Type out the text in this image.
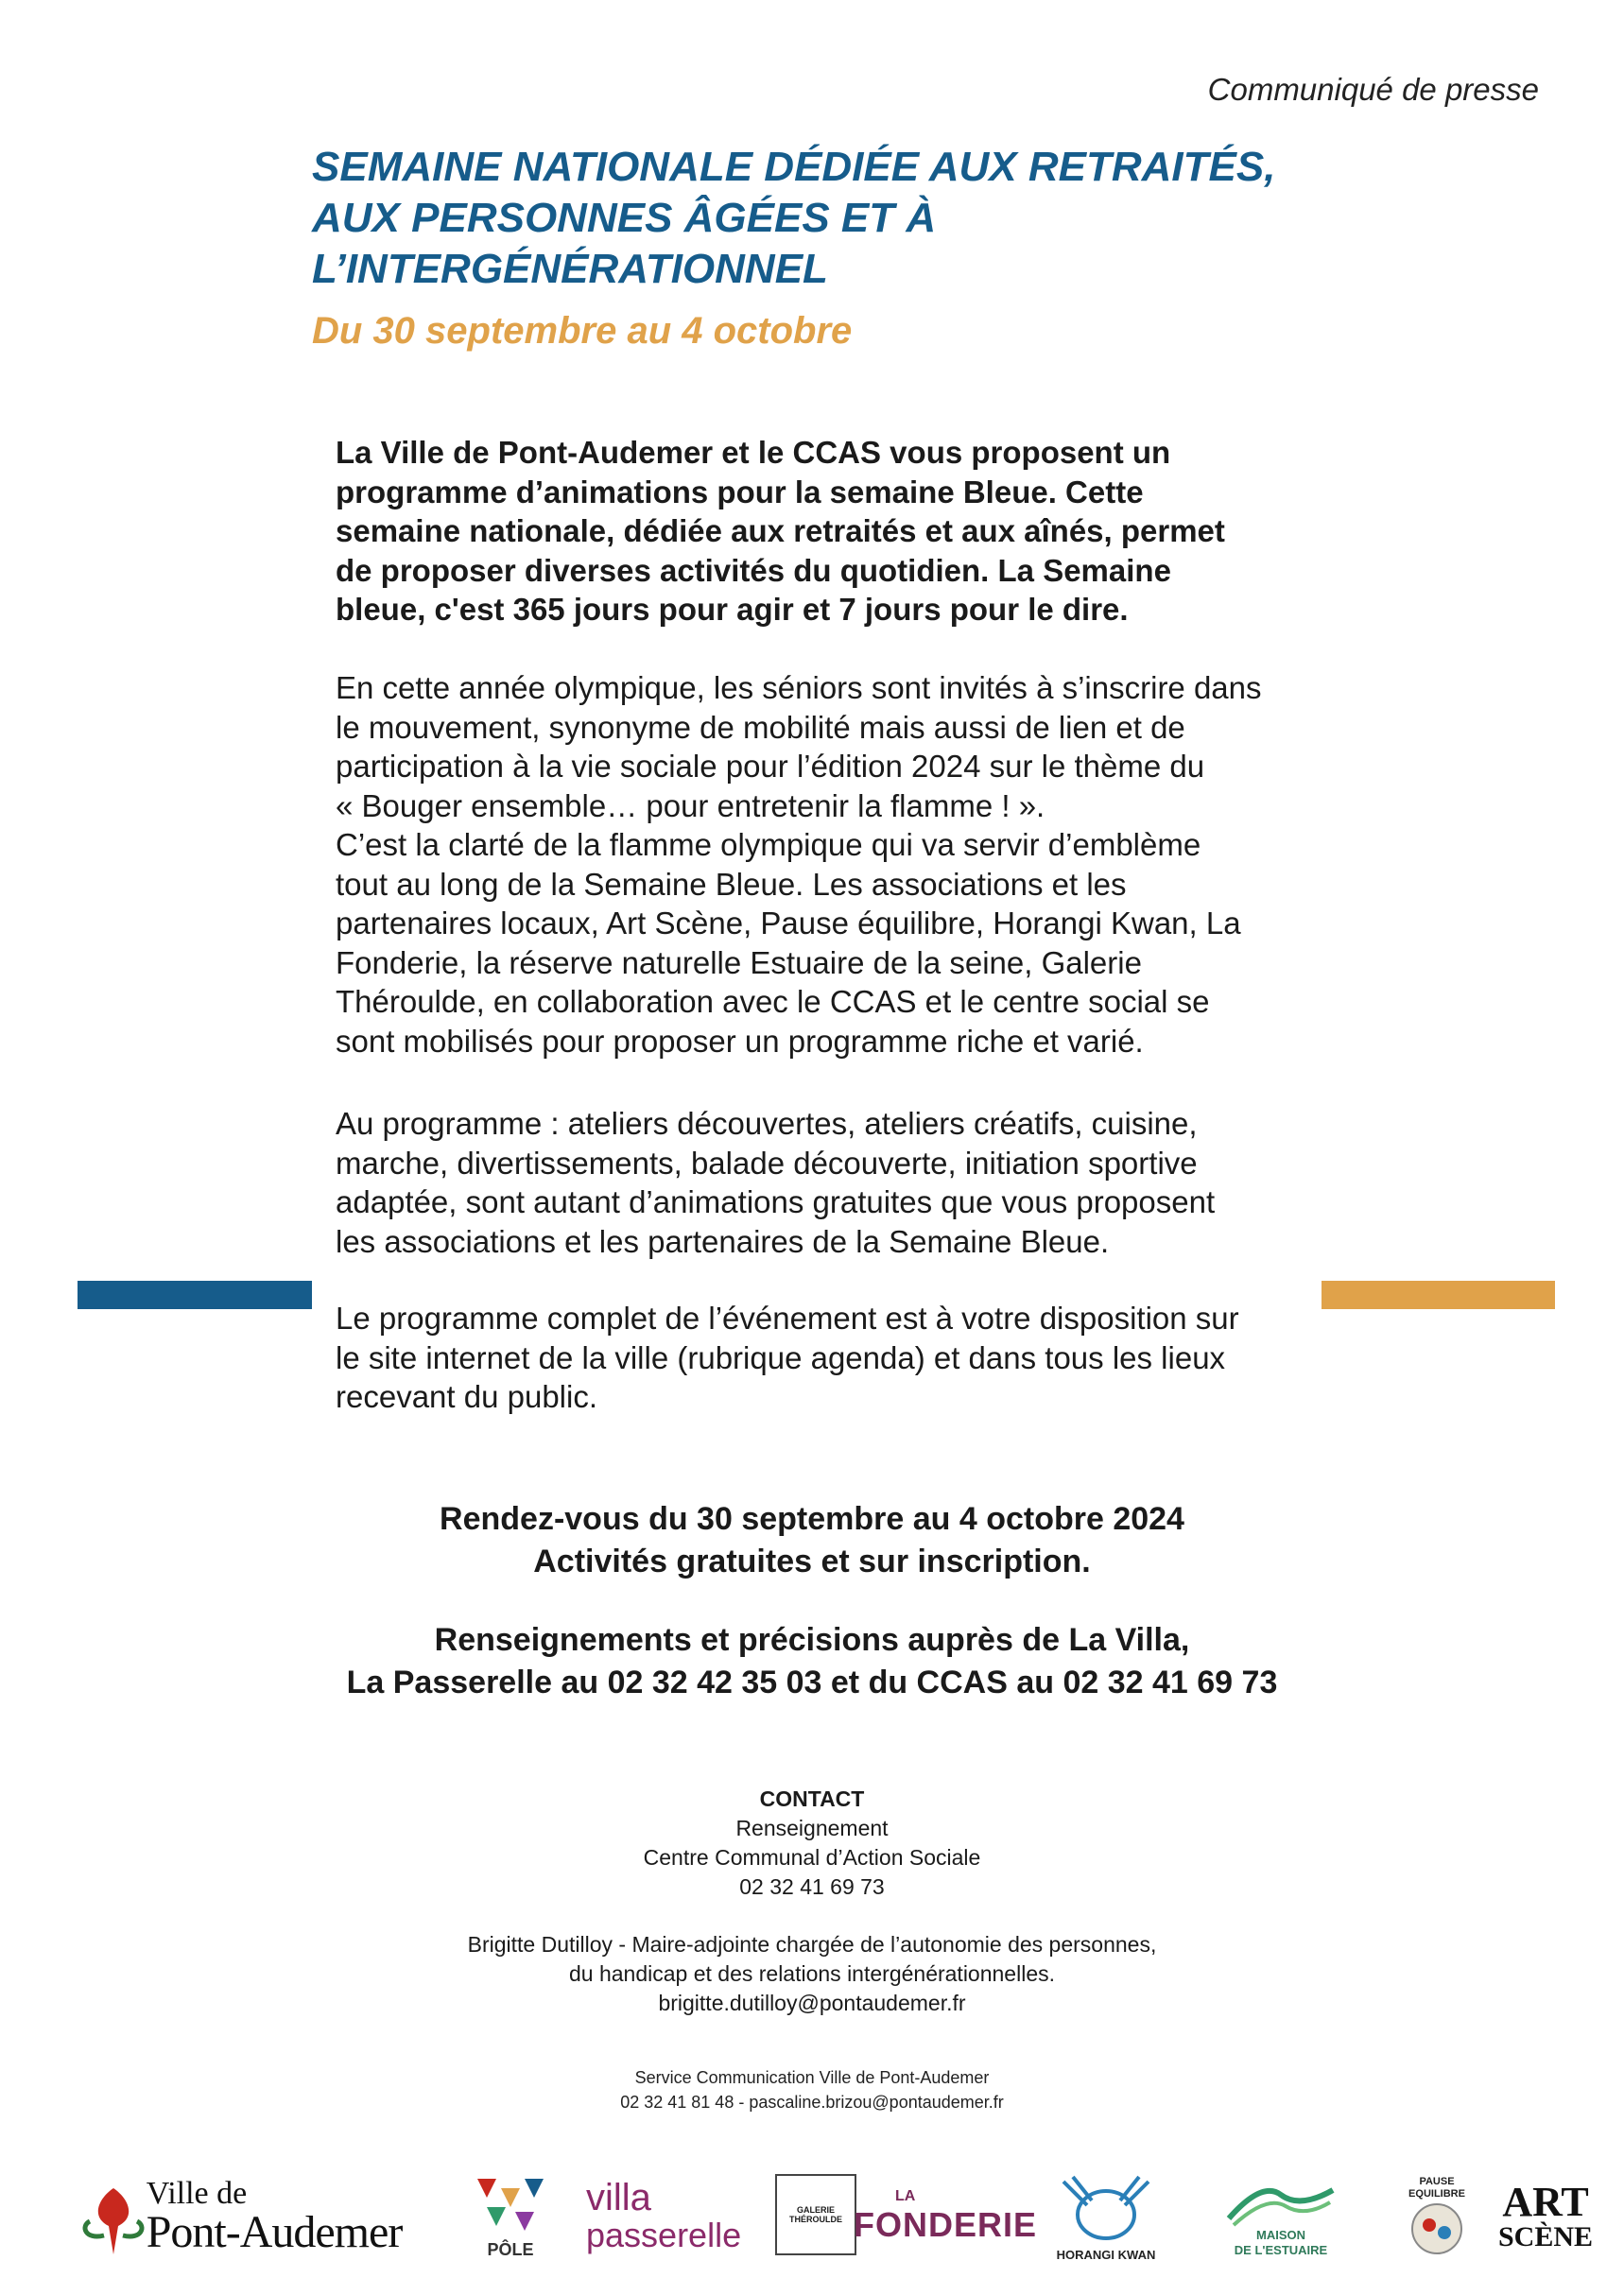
Communiqué de presse
SEMAINE NATIONALE DÉDIÉE AUX RETRAITÉS,
AUX PERSONNES ÂGÉES ET À
L’INTERGÉNÉRATIONNEL
Du 30 septembre au 4 octobre
La Ville de Pont-Audemer et le CCAS vous proposent un
programme d’animations pour la semaine Bleue. Cette
semaine nationale, dédiée aux retraités et aux aînés, permet
de proposer diverses activités du quotidien. La Semaine
bleue, c'est 365 jours pour agir et 7 jours pour le dire.
En cette année olympique, les séniors sont invités à s’inscrire dans
le mouvement, synonyme de mobilité mais aussi de lien et de
participation à la vie sociale pour l’édition 2024 sur le thème du
« Bouger ensemble… pour entretenir la flamme ! ».
C’est la clarté de la flamme olympique qui va servir d’emblème
tout au long de la Semaine Bleue. Les associations et les
partenaires locaux, Art Scène, Pause équilibre, Horangi Kwan, La
Fonderie, la réserve naturelle Estuaire de la seine, Galerie
Théroulde, en collaboration avec le CCAS et le centre social se
sont mobilisés pour proposer un programme riche et varié.
Au programme : ateliers découvertes, ateliers créatifs, cuisine,
marche, divertissements, balade découverte, initiation sportive
adaptée, sont autant d’animations gratuites que vous proposent
les associations et les partenaires de la Semaine Bleue.
Le programme complet de l’événement est à votre disposition sur
le site internet de la ville (rubrique agenda) et dans tous les lieux
recevant du public.
Rendez-vous du 30 septembre au 4 octobre 2024
Activités gratuites et sur inscription.
Renseignements et précisions auprès de La Villa,
La Passerelle au 02 32 42 35 03 et du CCAS au 02 32 41 69 73
CONTACT
Renseignement
Centre Communal d’Action Sociale
02 32 41 69 73
Brigitte Dutilloy - Maire-adjointe chargée de l’autonomie des personnes,
du handicap et des relations intergénérationnelles.
brigitte.dutilloy@pontaudemer.fr
Service Communication Ville de Pont-Audemer
02 32 41 81 48 - pascaline.brizou@pontaudemer.fr
Ville de
Pont-Audemer	PÔLE
villa
passerelle
GALERIE
THÉROULDE
LA
FONDERIE
HORANGI KWAN
MAISON
DE L'ESTUAIRE
PAUSE
EQUILIBRE ART
SCÈNE
